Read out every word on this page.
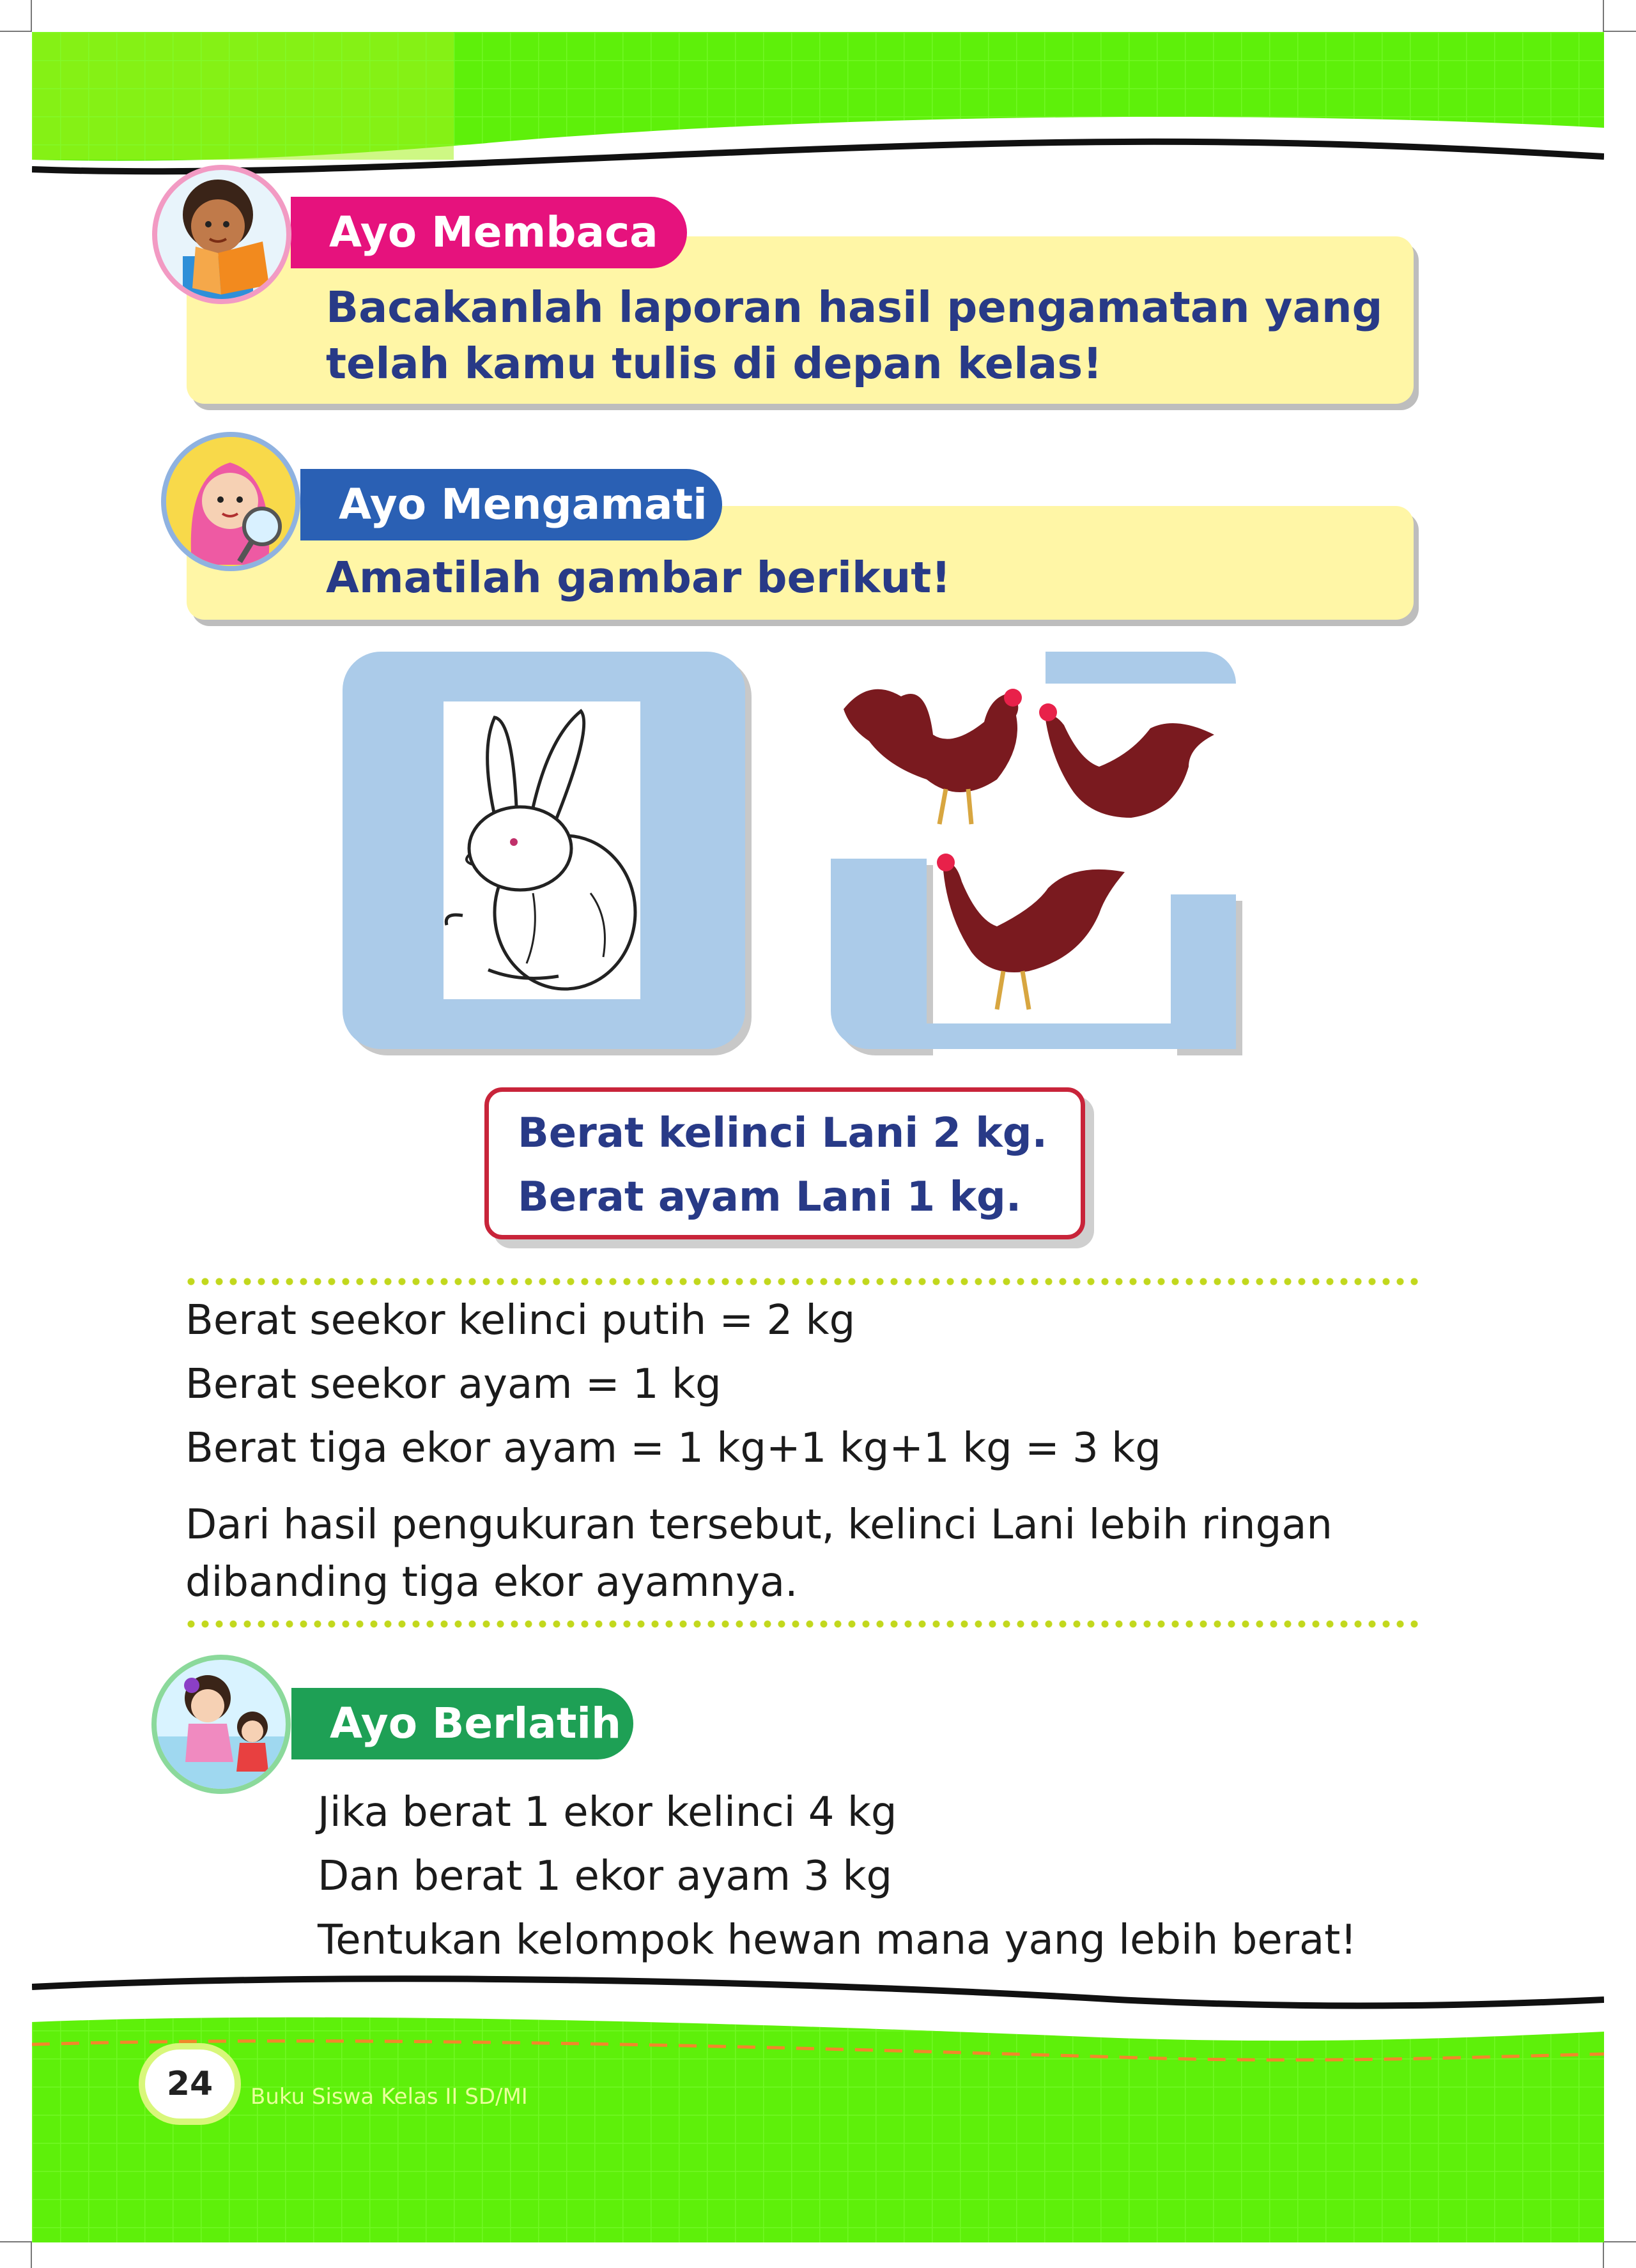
Ayo Membaca
Bacakanlah laporan hasil pengamatan yang
telah kamu tulis di depan kelas!
Ayo Mengamati
Amatilah gambar berikut!
Berat kelinci Lani 2 kg.
Berat ayam Lani 1 kg.
Berat seekor kelinci putih = 2 kg
Berat seekor ayam = 1 kg
Berat tiga ekor ayam = 1 kg+1 kg+1 kg = 3 kg
Dari hasil pengukuran tersebut, kelinci Lani lebih ringan
dibanding tiga ekor ayamnya.
Ayo Berlatih
Jika berat 1 ekor kelinci 4 kg
Dan berat 1 ekor ayam 3 kg
Tentukan kelompok hewan mana yang lebih berat!
24	Buku Siswa Kelas II SD/MI
